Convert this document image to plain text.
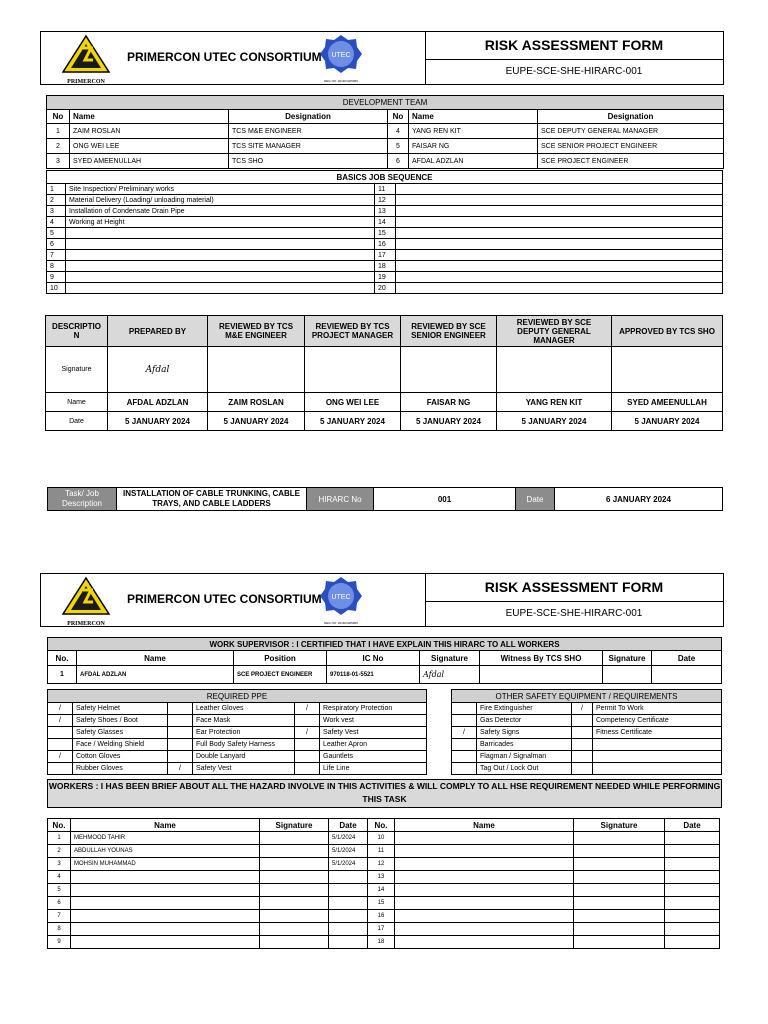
PRIMERCON
PRIMERCON UTEC CONSORTIUM UTEC
REG NO: 201401025389
RISK ASSESSMENT FORM
EUPE-SCE-SHE-HIRARC-001
DEVELOPMENT TEAM					
No	Name	Designation	No	Name	Designation
1	ZAIM ROSLAN	TCS M&E ENGINEER	4	YANG REN KIT	SCE DEPUTY GENERAL MANAGER
2	ONG WEI LEE	TCS SITE MANAGER	5	FAISAR NG	SCE SENIOR PROJECT ENGINEER
3	SYED AMEENULLAH	TCS SHO	6	AFDAL ADZLAN	SCE PROJECT ENGINEER
BASICS JOB SEQUENCE			
1	Site Inspection/ Preliminary works	11	
2	Material Delivery (Loading/ unloading material)	12	
3	Installation of Condensate Drain Pipe	13	
4	Working at Height	14	
5		15	
6		16	
7		17	
8		18	
9		19	
10		20	
DESCRIPTIO N	PREPARED BY	REVIEWED BY TCS M&E ENGINEER	REVIEWED BY TCS PROJECT MANAGER	REVIEWED BY SCE SENIOR ENGINEER	REVIEWED BY SCE DEPUTY GENERAL MANAGER	APPROVED BY TCS SHO
Signature	Afdal					
Name	AFDAL ADZLAN	ZAIM ROSLAN	ONG WEI LEE	FAISAR NG	YANG REN KIT	SYED AMEENULLAH
Date	5 JANUARY 2024	5 JANUARY 2024	5 JANUARY 2024	5 JANUARY 2024	5 JANUARY 2024	5 JANUARY 2024
Task/ Job Description	INSTALLATION OF CABLE TRUNKING, CABLE TRAYS, AND CABLE LADDERS	HIRARC No	001	Date	6 JANUARY 2024
PRIMERCON
PRIMERCON UTEC CONSORTIUM UTEC
REG NO: 201401025389
RISK ASSESSMENT FORM
EUPE-SCE-SHE-HIRARC-001
WORK SUPERVISOR : I CERTIFIED THAT I HAVE EXPLAIN THIS HIRARC TO ALL WORKERS							
No.	Name	Position	IC No	Signature	Witness By TCS SHO	Signature	Date
1	AFDAL ADZLAN	SCE PROJECT ENGINEER	970118-01-5521	Afdal			
REQUIRED PPE					
/	Safety Helmet		Leather Gloves	/	Respiratory Protection
/	Safety Shoes / Boot		Face Mask		Work vest
	Safety Glasses		Ear Protection	/	Safety Vest
	Face / Welding Shield		Full Body Safety Harness		Leather Apron
/	Cotton Gloves		Double Lanyard		Gauntlets
	Rubber Gloves	/	Safety Vest		Life Line
OTHER SAFETY EQUIPMENT / REQUIREMENTS			
	Fire Extinguisher	/	Permit To Work
	Gas Detector		Competency Certificate
/	Safety Signs		Fitness Certificate
	Barricades		
	Flagman / Signalman		
	Tag Out / Lock Out		
WORKERS : I HAS BEEN BRIEF ABOUT ALL THE HAZARD INVOLVE IN THIS ACTIVITIES & WILL COMPLY TO ALL HSE REQUIREMENT NEEDED WHILE PERFORMING THIS TASK
No.	Name	Signature	Date	No.	Name	Signature	Date
1	MEHMOOD TAHIR		5/1/2024	10			
2	ABDULLAH YOUNAS		5/1/2024	11			
3	MOHSIN MUHAMMAD		5/1/2024	12			
4				13			
5				14			
6				15			
7				16			
8				17			
9				18			
